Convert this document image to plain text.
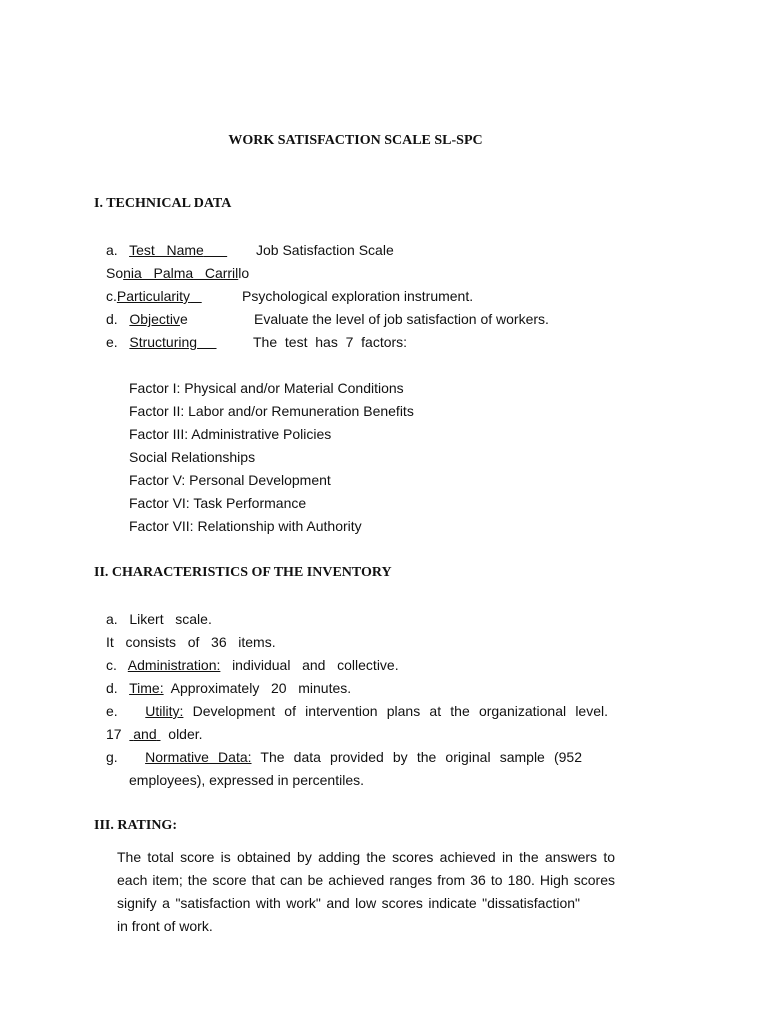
WORK SATISFACTION SCALE SL-SPC
I. TECHNICAL DATA
a. Test   Name	Job Satisfaction Scale
Sonia   Palma   Carrillo
c.Particularity	Psychological exploration instrument.
d. Objective	Evaluate the level of job satisfaction of workers.
e. Structuring	The  test  has  7  factors:
Factor I: Physical and/or Material Conditions
Factor II: Labor and/or Remuneration Benefits
Factor III: Administrative Policies
Social Relationships
Factor V: Personal Development
Factor VI: Task Performance
Factor VII: Relationship with Authority
II. CHARACTERISTICS OF THE INVENTORY
a. Likert   scale.
It   consists   of   36   items.
c. Administration: individual   and   collective.
d. Time: Approximately   20   minutes.
e. Utility: Development of intervention plans at the organizational level.
17 and older.
g. Normative Data: The data provided by the original sample (952
employees), expressed in percentiles.
III. RATING:
The total score is obtained by adding the scores achieved in the answers to
each item; the score that can be achieved ranges from 36 to 180. High scores
signify a "satisfaction with work" and low scores indicate "dissatisfaction"
in front of work.
